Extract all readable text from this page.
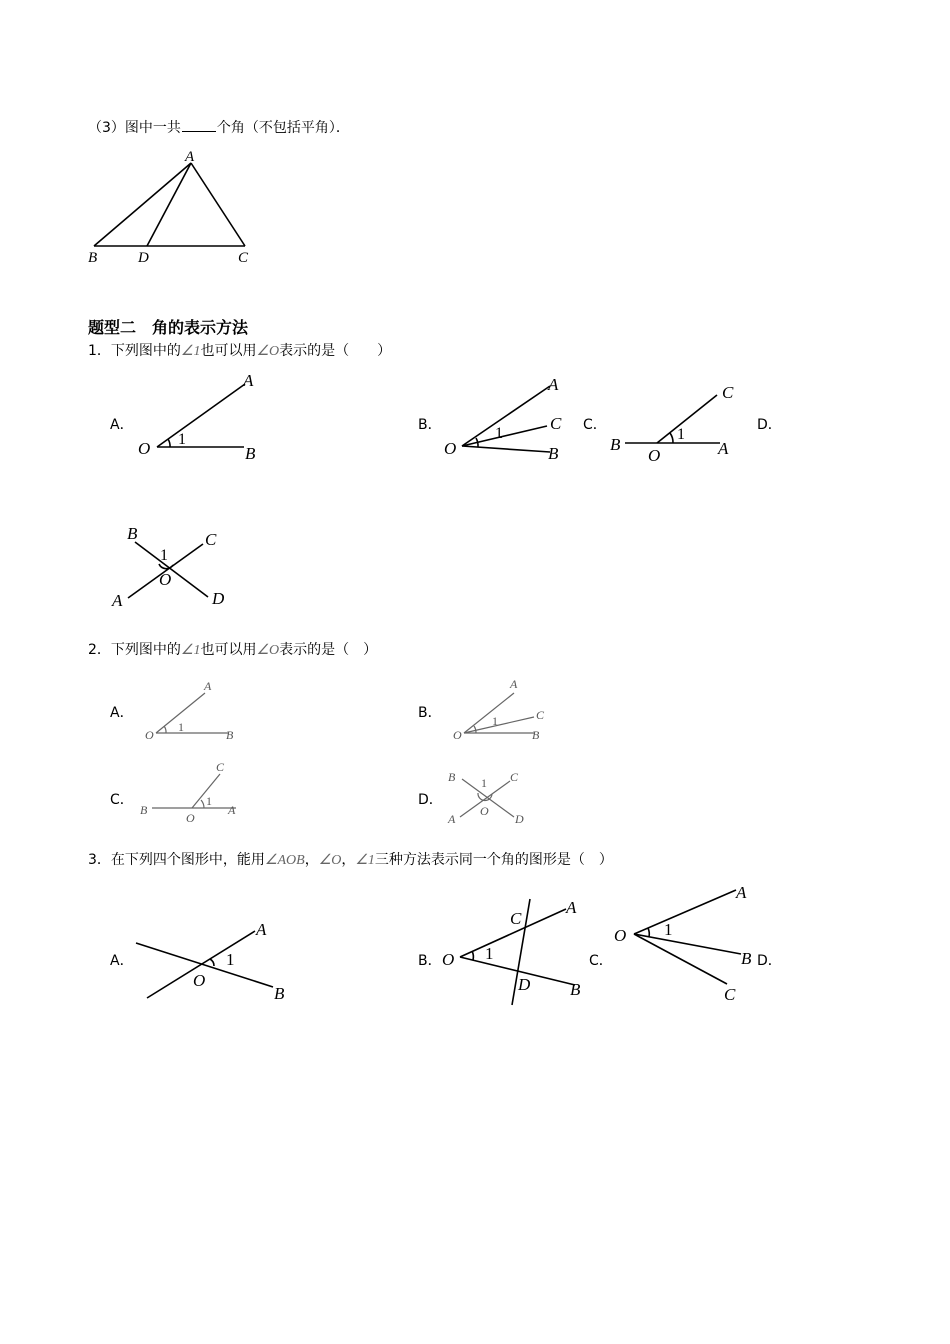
（3）图中一共	个角（不包括平角）．
A
B	D	C
题型二　角的表示方法
1．下列图中的∠1也可以用∠O表示的是（　　）
A．
O
A
B
1
B．
O
A
C
B
1	C．
B
O	A
C
1
D．
B	C
1
O
A	D
2．下列图中的∠1也可以用∠O表示的是（　）
A．
O
A
B
1
B．
O
A
C
B
1
C．
B
O
A
C
1	D．
B	C
1
O
A	D
3．在下列四个图形中，能用∠AOB，∠O，∠1三种方法表示同一个角的图形是（　）
A．
A
1
O
B
B． O
C
A
1
D B
C．
O 1
A
B
C
D．
